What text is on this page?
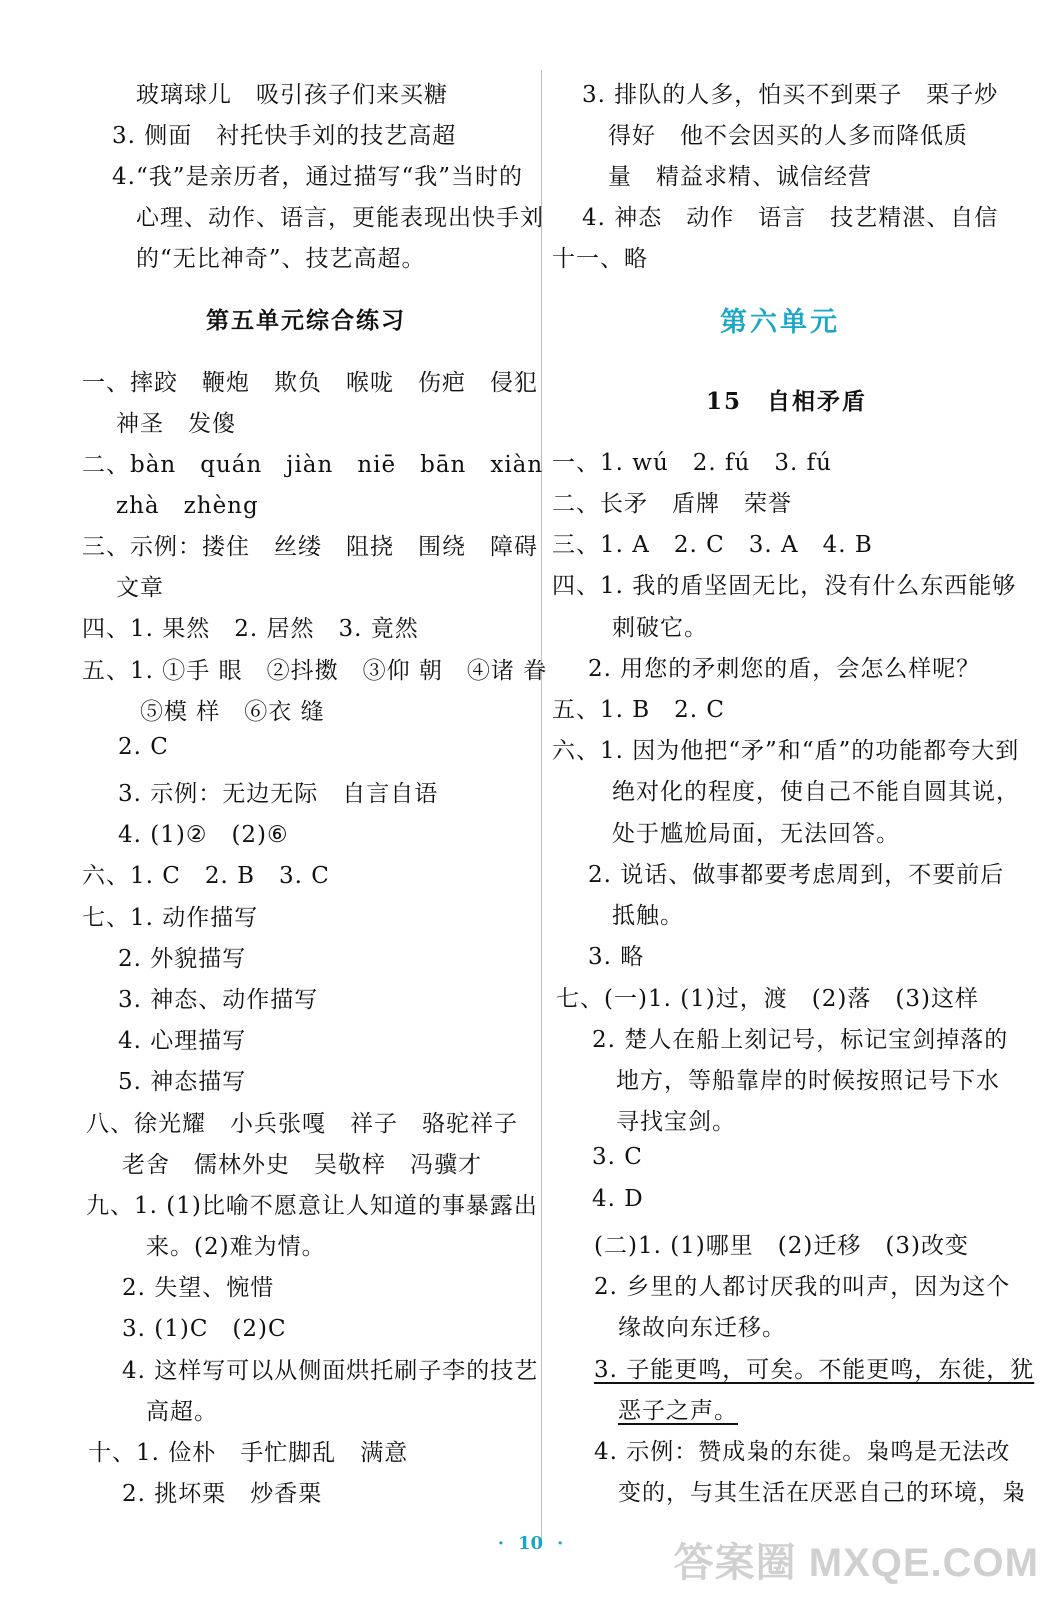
玻璃球儿　吸引孩子们来买糖
3. 侧面　衬托快手刘的技艺高超
4.“我”是亲历者，通过描写“我”当时的
心理、动作、语言，更能表现出快手刘
的“无比神奇”、技艺高超。
第五单元综合练习
一、摔跤　鞭炮　欺负　喉咙　伤疤　侵犯
神圣　发傻
二、bàn　quán　jiàn　niē　bān　xiàn
zhà　zhèng
三、示例：搂住　丝缕　阻挠　围绕　障碍
文章
四、1. 果然　2. 居然　3. 竟然
五、1. ①手 眼　②抖擞　③仰 朝　④诸 眷
⑤模 样　⑥衣 缝
2. C
3. 示例：无边无际　自言自语
4. (1)②　(2)⑥
六、1. C　2. B　3. C
七、1. 动作描写
2. 外貌描写
3. 神态、动作描写
4. 心理描写
5. 神态描写
八、徐光耀　小兵张嘎　祥子　骆驼祥子
老舍　儒林外史　吴敬梓　冯骥才
九、1. (1)比喻不愿意让人知道的事暴露出
来。(2)难为情。
2. 失望、惋惜
3. (1)C　(2)C
4. 这样写可以从侧面烘托刷子李的技艺
高超。
十、1. 俭朴　手忙脚乱　满意
2. 挑坏栗　炒香栗
3. 排队的人多，怕买不到栗子　栗子炒
得好　他不会因买的人多而降低质
量　精益求精、诚信经营
4. 神态　动作　语言　技艺精湛、自信
十一、略
第六单元
15　自相矛盾
一、1. wú　2. fú　3. fú
二、长矛　盾牌　荣誉
三、1. A　2. C　3. A　4. B
四、1. 我的盾坚固无比，没有什么东西能够
刺破它。
2. 用您的矛刺您的盾，会怎么样呢？
五、1. B　2. C
六、1. 因为他把“矛”和“盾”的功能都夸大到
绝对化的程度，使自己不能自圆其说，
处于尴尬局面，无法回答。
2. 说话、做事都要考虑周到，不要前后
抵触。
3. 略
七、(一)1. (1)过，渡　(2)落　(3)这样
2. 楚人在船上刻记号，标记宝剑掉落的
地方，等船靠岸的时候按照记号下水
寻找宝剑。
3. C
4. D
(二)1. (1)哪里　(2)迁移　(3)改变
2. 乡里的人都讨厌我的叫声，因为这个
缘故向东迁移。
3. 子能更鸣，可矣。不能更鸣，东徙，犹
恶子之声。
4. 示例：赞成枭的东徙。枭鸣是无法改
变的，与其生活在厌恶自己的环境，枭
· 10 ·	答案圈 MXQE.COM
